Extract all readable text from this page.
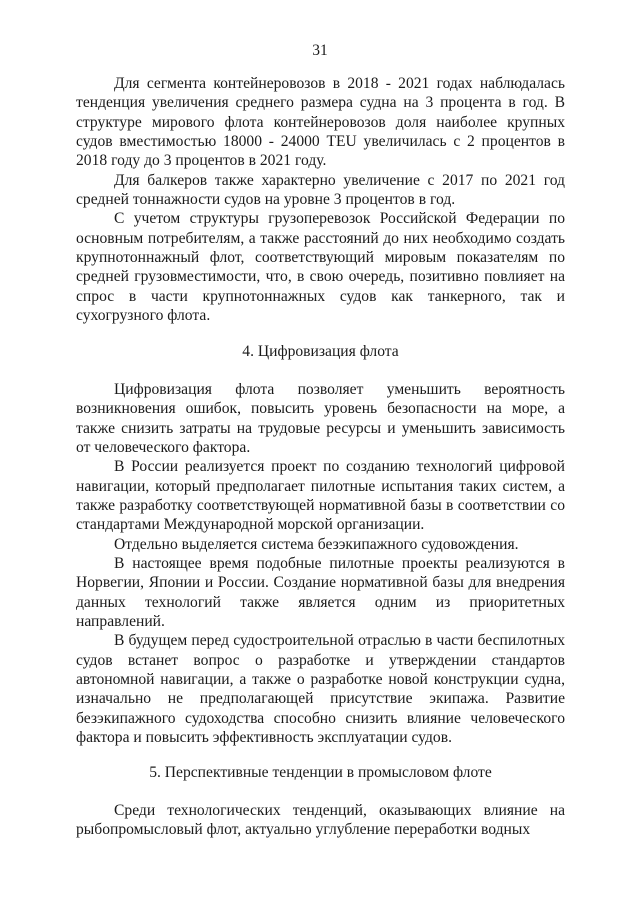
31

Для сегмента контейнеровозов в 2018 - 2021 годах наблюдалась тенденция увеличения среднего размера судна на 3 процента в год. В структуре мирового флота контейнеровозов доля наиболее крупных судов вместимостью 18000 - 24000 TEU увеличилась с 2 процентов в 2018 году до 3 процентов в 2021 году.

Для балкеров также характерно увеличение с 2017 по 2021 год средней тоннажности судов на уровне 3 процентов в год.

С учетом структуры грузоперевозок Российской Федерации по основным потребителям, а также расстояний до них необходимо создать крупнотоннажный флот, соответствующий мировым показателям по средней грузовместимости, что, в свою очередь, позитивно повлияет на спрос в части крупнотоннажных судов как танкерного, так и сухогрузного флота.

4. Цифровизация флота

Цифровизация флота позволяет уменьшить вероятность возникновения ошибок, повысить уровень безопасности на море, а также снизить затраты на трудовые ресурсы и уменьшить зависимость от человеческого фактора.

В России реализуется проект по созданию технологий цифровой навигации, который предполагает пилотные испытания таких систем, а также разработку соответствующей нормативной базы в соответствии со стандартами Международной морской организации.

Отдельно выделяется система безэкипажного судовождения.

В настоящее время подобные пилотные проекты реализуются в Норвегии, Японии и России. Создание нормативной базы для внедрения данных технологий также является одним из приоритетных направлений.

В будущем перед судостроительной отраслью в части беспилотных судов встанет вопрос о разработке и утверждении стандартов автономной навигации, а также о разработке новой конструкции судна, изначально не предполагающей присутствие экипажа. Развитие безэкипажного судоходства способно снизить влияние человеческого фактора и повысить эффективность эксплуатации судов.

5. Перспективные тенденции в промысловом флоте

Среди технологических тенденций, оказывающих влияние на рыбопромысловый флот, актуально углубление переработки водных
